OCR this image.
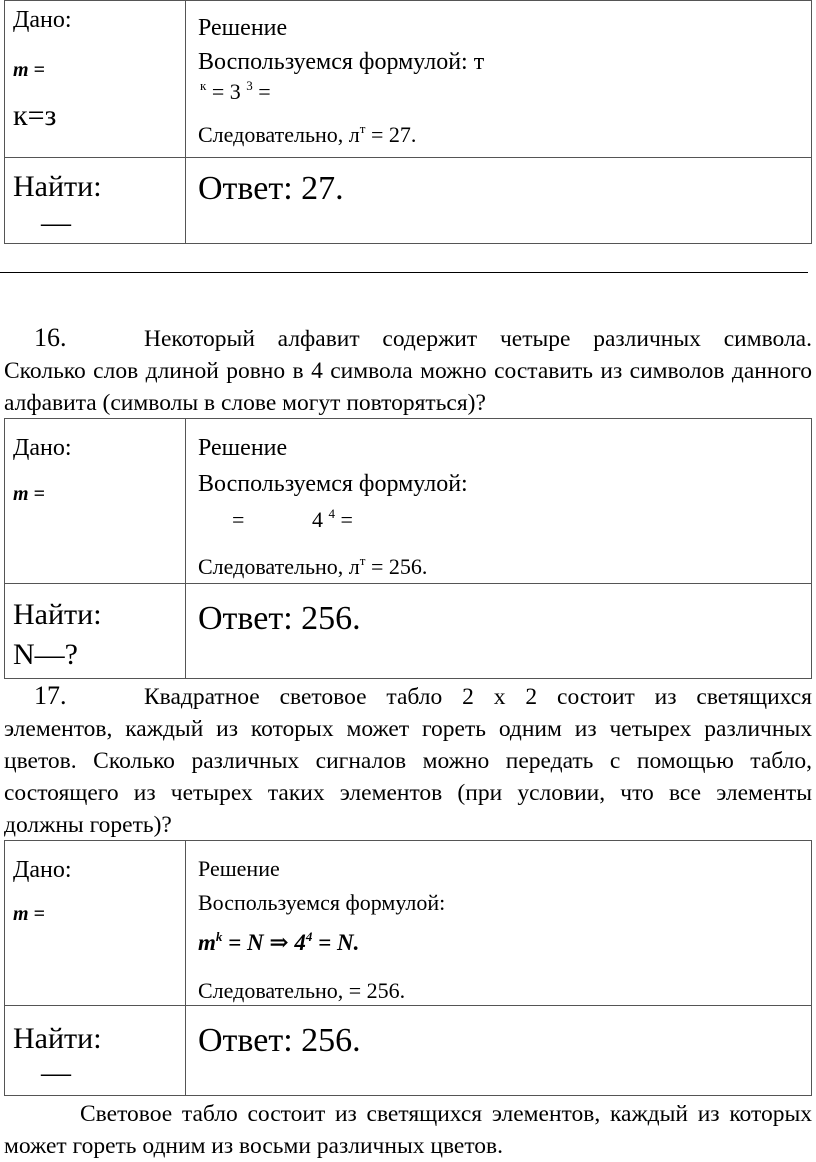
Дано:
m =
к=з	Решение
Воспользуемся формулой: т
$^к$ = 3 $^3$ =
Следовательно, $л^т = 27$.

Найти:
—	Ответ: 27.
16.	Некоторый алфавит содержит четыре различных символа. Сколько слов длиной ровно в 4 символа можно составить из символов данного алфавита (символы в слове могут повторяться)?
Дано:
m =	Решение
Воспользуемся формулой:
= 4 $^4$ =
Следовательно, $л^т = 256$.

Найти:
N—?	Ответ: 256.
17.	Квадратное световое табло 2 х 2 состоит из светящихся элементов, каждый из которых может гореть одним из четырех различных цветов. Сколько различных сигналов можно передать с помощью табло, состоящего из четырех таких элементов (при условии, что все элементы должны гореть)?
Дано:
m =	Решение
Воспользуемся формулой:
$m^k = N$ ⇒ $4^4 = N$.
Следовательно, = 256.

Найти:
—	Ответ: 256.
Световое табло состоит из светящихся элементов, каждый из которых может гореть одним из восьми различных цветов.
